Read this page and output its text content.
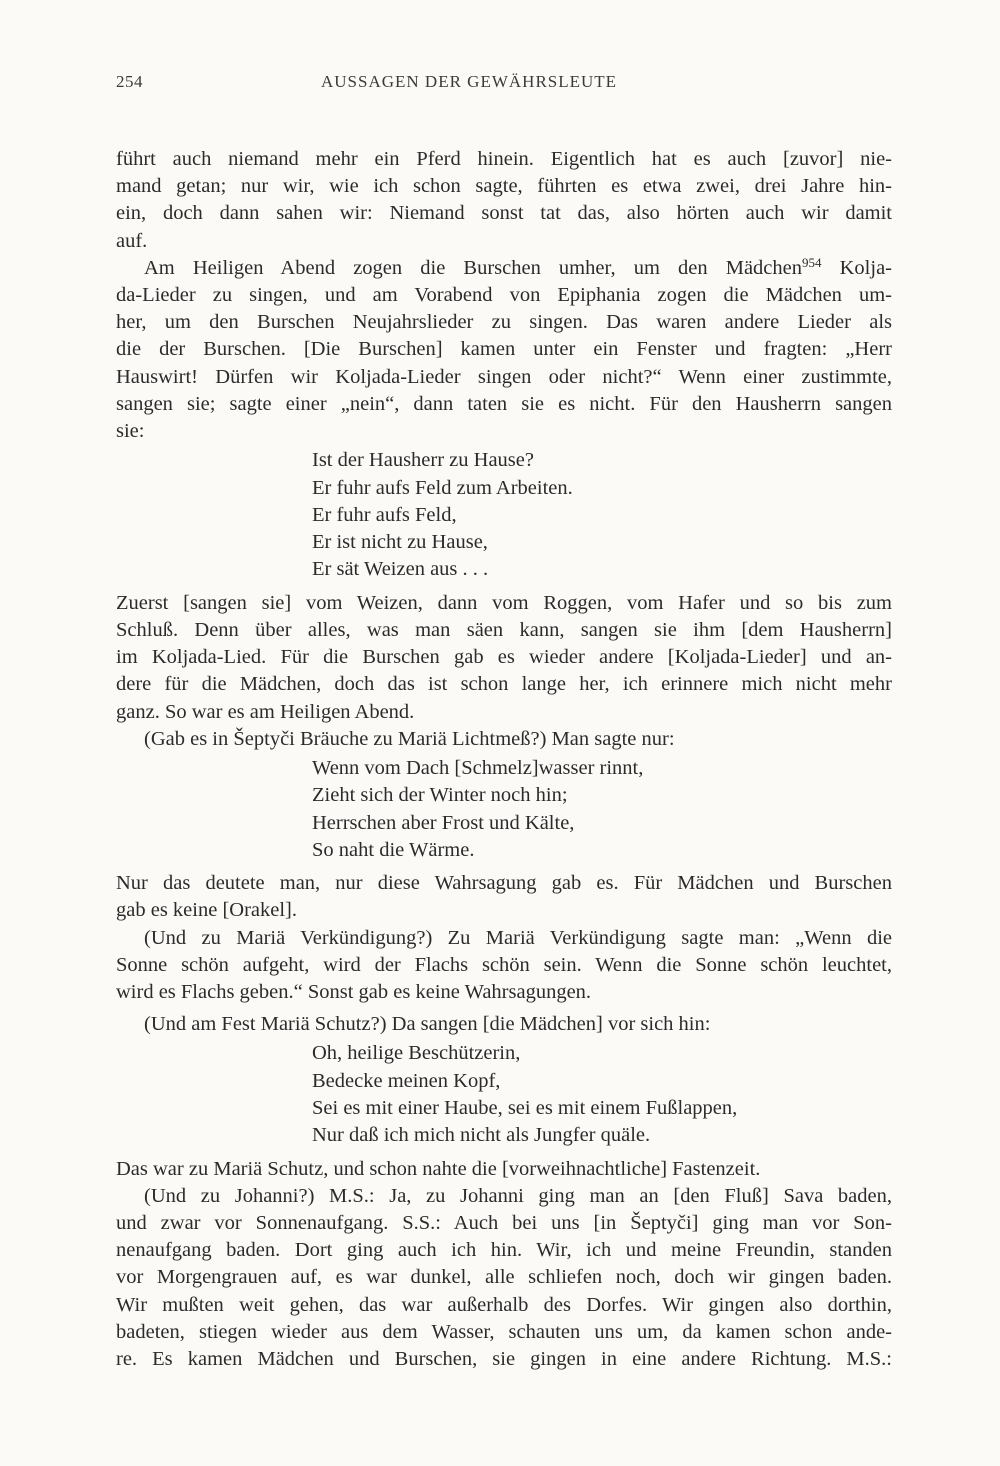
254	AUSSAGEN DER GEWÄHRSLEUTE
führt auch niemand mehr ein Pferd hinein. Eigentlich hat es auch [zuvor] nie-
mand getan; nur wir, wie ich schon sagte, führten es etwa zwei, drei Jahre hin-
ein, doch dann sahen wir: Niemand sonst tat das, also hörten auch wir damit
auf.
Am Heiligen Abend zogen die Burschen umher, um den Mädchen$^{954}$ Kolja-
da-Lieder zu singen, und am Vorabend von Epiphania zogen die Mädchen um-
her, um den Burschen Neujahrslieder zu singen. Das waren andere Lieder als
die der Burschen. [Die Burschen] kamen unter ein Fenster und fragten: „Herr
Hauswirt! Dürfen wir Koljada-Lieder singen oder nicht?“ Wenn einer zustimmte,
sangen sie; sagte einer „nein“, dann taten sie es nicht. Für den Hausherrn sangen
sie:
Ist der Hausherr zu Hause?
Er fuhr aufs Feld zum Arbeiten.
Er fuhr aufs Feld,
Er ist nicht zu Hause,
Er sät Weizen aus . . .
Zuerst [sangen sie] vom Weizen, dann vom Roggen, vom Hafer und so bis zum
Schluß. Denn über alles, was man säen kann, sangen sie ihm [dem Hausherrn]
im Koljada-Lied. Für die Burschen gab es wieder andere [Koljada-Lieder] und an-
dere für die Mädchen, doch das ist schon lange her, ich erinnere mich nicht mehr
ganz. So war es am Heiligen Abend.
(Gab es in Šeptyči Bräuche zu Mariä Lichtmeß?) Man sagte nur:
Wenn vom Dach [Schmelz]wasser rinnt,
Zieht sich der Winter noch hin;
Herrschen aber Frost und Kälte,
So naht die Wärme.
Nur das deutete man, nur diese Wahrsagung gab es. Für Mädchen und Burschen
gab es keine [Orakel].
(Und zu Mariä Verkündigung?) Zu Mariä Verkündigung sagte man: „Wenn die
Sonne schön aufgeht, wird der Flachs schön sein. Wenn die Sonne schön leuchtet,
wird es Flachs geben.“ Sonst gab es keine Wahrsagungen.
(Und am Fest Mariä Schutz?) Da sangen [die Mädchen] vor sich hin:
Oh, heilige Beschützerin,
Bedecke meinen Kopf,
Sei es mit einer Haube, sei es mit einem Fußlappen,
Nur daß ich mich nicht als Jungfer quäle.
Das war zu Mariä Schutz, und schon nahte die [vorweihnachtliche] Fastenzeit.
(Und zu Johanni?) M.S.: Ja, zu Johanni ging man an [den Fluß] Sava baden,
und zwar vor Sonnenaufgang. S.S.: Auch bei uns [in Šeptyči] ging man vor Son-
nenaufgang baden. Dort ging auch ich hin. Wir, ich und meine Freundin, standen
vor Morgengrauen auf, es war dunkel, alle schliefen noch, doch wir gingen baden.
Wir mußten weit gehen, das war außerhalb des Dorfes. Wir gingen also dorthin,
badeten, stiegen wieder aus dem Wasser, schauten uns um, da kamen schon ande-
re. Es kamen Mädchen und Burschen, sie gingen in eine andere Richtung. M.S.:
